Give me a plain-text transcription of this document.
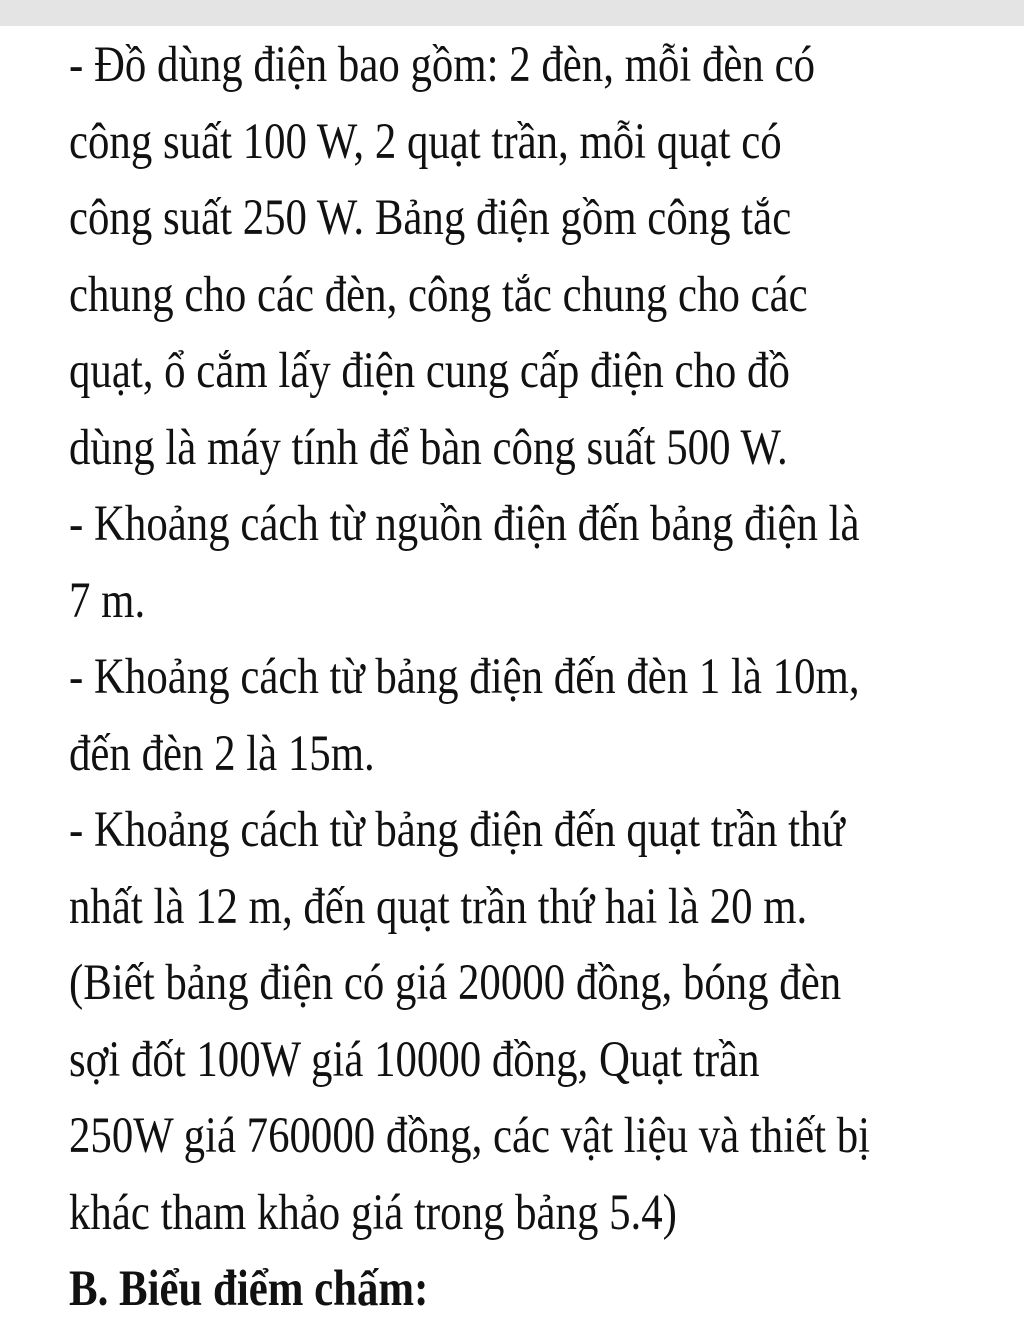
- Đồ dùng điện bao gồm: 2 đèn, mỗi đèn có
công suất 100 W, 2 quạt trần, mỗi quạt có
công suất 250 W. Bảng điện gồm công tắc
chung cho các đèn, công tắc chung cho các
quạt, ổ cắm lấy điện cung cấp điện cho đồ
dùng là máy tính để bàn công suất 500 W.
- Khoảng cách từ nguồn điện đến bảng điện là
7 m.
- Khoảng cách từ bảng điện đến đèn 1 là 10m,
đến đèn 2 là 15m.
- Khoảng cách từ bảng điện đến quạt trần thứ
nhất là 12 m, đến quạt trần thứ hai là 20 m.
(Biết bảng điện có giá 20000 đồng, bóng đèn
sợi đốt 100W giá 10000 đồng, Quạt trần
250W giá 760000 đồng, các vật liệu và thiết bị
khác tham khảo giá trong bảng 5.4)
B. Biểu điểm chấm:
